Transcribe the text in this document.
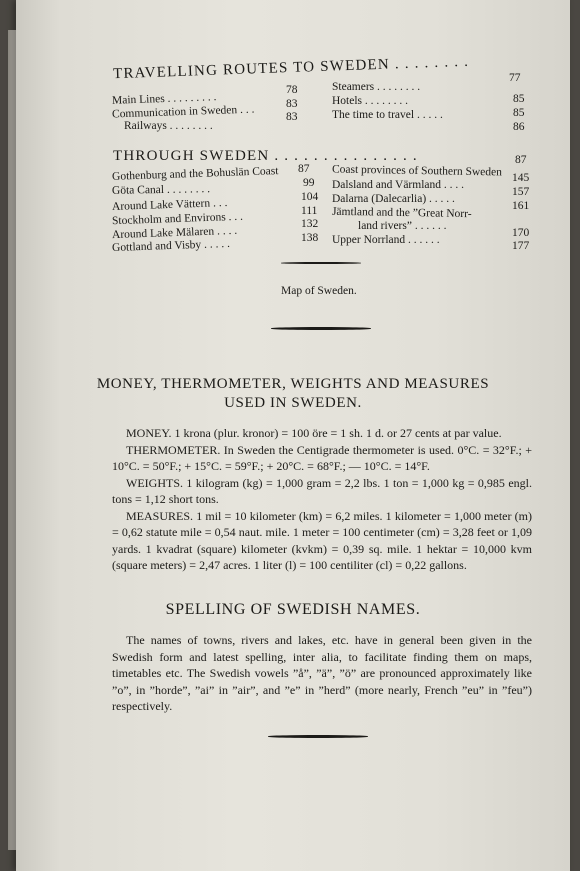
TRAVELLING ROUTES TO SWEDEN . . . . . . . .	77
Main Lines . . . . . . . . .
Communication in Sweden . . .
Railways . . . . . . . .
78
83
83
Steamers . . . . . . . .
Hotels . . . . . . . .
The time to travel . . . . .
85
85
86
THROUGH SWEDEN . . . . . . . . . . . . . . .	87
Gothenburg and the Bohuslän Coast
Göta Canal . . . . . . . .
Around Lake Vättern . . .
Stockholm and Environs . . .
Around Lake Mälaren . . . .
Gottland and Visby . . . . .
87
99
104
111
132
138
Coast provinces of Southern Sweden
Dalsland and Värmland . . . .
Dalarna (Dalecarlia) . . . . .
Jämtland and the ”Great Norr-
land rivers” . . . . . .
Upper Norrland . . . . . .
145
157
161
170
177
Map of Sweden.
MONEY, THERMOMETER, WEIGHTS AND MEASURES
USED IN SWEDEN.

MONEY. 1 krona (plur. kronor) = 100 öre = 1 sh. 1 d. or 27 cents at par value.

THERMOMETER. In Sweden the Centigrade thermometer is used. 0°C. = 32°F.; + 10°C. = 50°F.; + 15°C. = 59°F.; + 20°C. = 68°F.; — 10°C. = 14°F.

WEIGHTS. 1 kilogram (kg) = 1,000 gram = 2,2 lbs. 1 ton = 1,000 kg = 0,985 engl. tons = 1,12 short tons.

MEASURES. 1 mil = 10 kilometer (km) = 6,2 miles. 1 kilometer = 1,000 meter (m) = 0,62 statute mile = 0,54 naut. mile. 1 meter = 100 centimeter (cm) = 3,28 feet or 1,09 yards. 1 kvadrat (square) kilometer (kvkm) = 0,39 sq. mile. 1 hektar = 10,000 kvm (square meters) = 2,47 acres. 1 liter (l) = 100 centiliter (cl) = 0,22 gallons.

SPELLING OF SWEDISH NAMES.

The names of towns, rivers and lakes, etc. have in general been given in the Swedish form and latest spelling, inter alia, to facilitate finding them on maps, timetables etc. The Swedish vowels ”å”, ”ä”, ”ö” are pronounced approximately like ”o”, in ”horde”, ”ai” in ”air”, and ”e” in ”herd” (more nearly, French ”eu” in ”feu”) respectively.
